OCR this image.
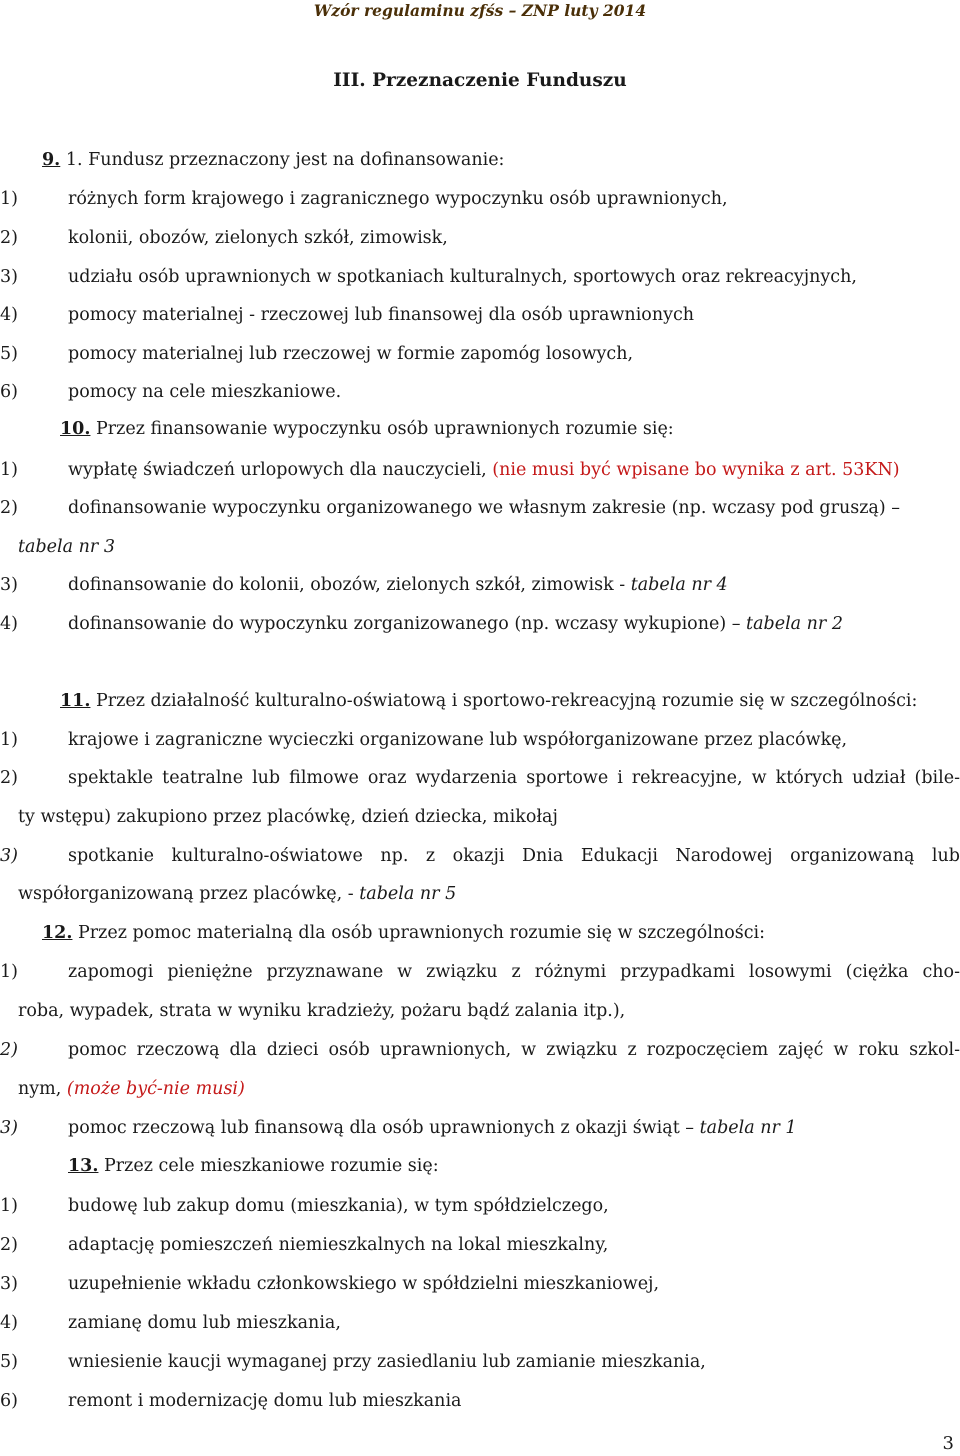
Wzór regulaminu zfśs – ZNP luty 2014
III. Przeznaczenie Funduszu
9. 1. Fundusz przeznaczony jest na dofinansowanie:
1)	różnych form krajowego i zagranicznego wypoczynku osób uprawnionych,
2)	kolonii, obozów, zielonych szkół, zimowisk,
3)	udziału osób uprawnionych w spotkaniach kulturalnych, sportowych oraz rekreacyjnych,
4)	pomocy materialnej - rzeczowej lub finansowej dla osób uprawnionych
5)	pomocy materialnej lub rzeczowej w formie zapomóg losowych,
6)	pomocy na cele mieszkaniowe.
10. Przez finansowanie wypoczynku osób uprawnionych rozumie się:
1)	wypłatę świadczeń urlopowych dla nauczycieli, (nie musi być wpisane bo wynika z art. 53KN)
2)	dofinansowanie wypoczynku organizowanego we własnym zakresie (np. wczasy pod gruszą) –
tabela nr 3
3)	dofinansowanie do kolonii, obozów, zielonych szkół, zimowisk - tabela nr 4
4)	dofinansowanie do wypoczynku zorganizowanego (np. wczasy wykupione) – tabela nr 2
11. Przez działalność kulturalno-oświatową i sportowo-rekreacyjną rozumie się w szczególności:
1)	krajowe i zagraniczne wycieczki organizowane lub współorganizowane przez placówkę,
2)	spektakle teatralne lub filmowe oraz wydarzenia sportowe i rekreacyjne, w których udział (bile-
ty wstępu) zakupiono przez placówkę, dzień dziecka, mikołaj
3)	spotkanie kulturalno-oświatowe np. z okazji Dnia Edukacji Narodowej organizowaną lub
współorganizowaną przez placówkę, - tabela nr 5
12. Przez pomoc materialną dla osób uprawnionych rozumie się w szczególności:
1)	zapomogi pieniężne przyznawane w związku z różnymi przypadkami losowymi (ciężka cho-
roba, wypadek, strata w wyniku kradzieży, pożaru bądź zalania itp.),
2)	pomoc rzeczową dla dzieci osób uprawnionych, w związku z rozpoczęciem zajęć w roku szkol-
nym, (może być-nie musi)
3)	pomoc rzeczową lub finansową dla osób uprawnionych z okazji świąt – tabela nr 1
13. Przez cele mieszkaniowe rozumie się:
1)	budowę lub zakup domu (mieszkania), w tym spółdzielczego,
2)	adaptację pomieszczeń niemieszkalnych na lokal mieszkalny,
3)	uzupełnienie wkładu członkowskiego w spółdzielni mieszkaniowej,
4)	zamianę domu lub mieszkania,
5)	wniesienie kaucji wymaganej przy zasiedlaniu lub zamianie mieszkania,
6)	remont i modernizację domu lub mieszkania
3
